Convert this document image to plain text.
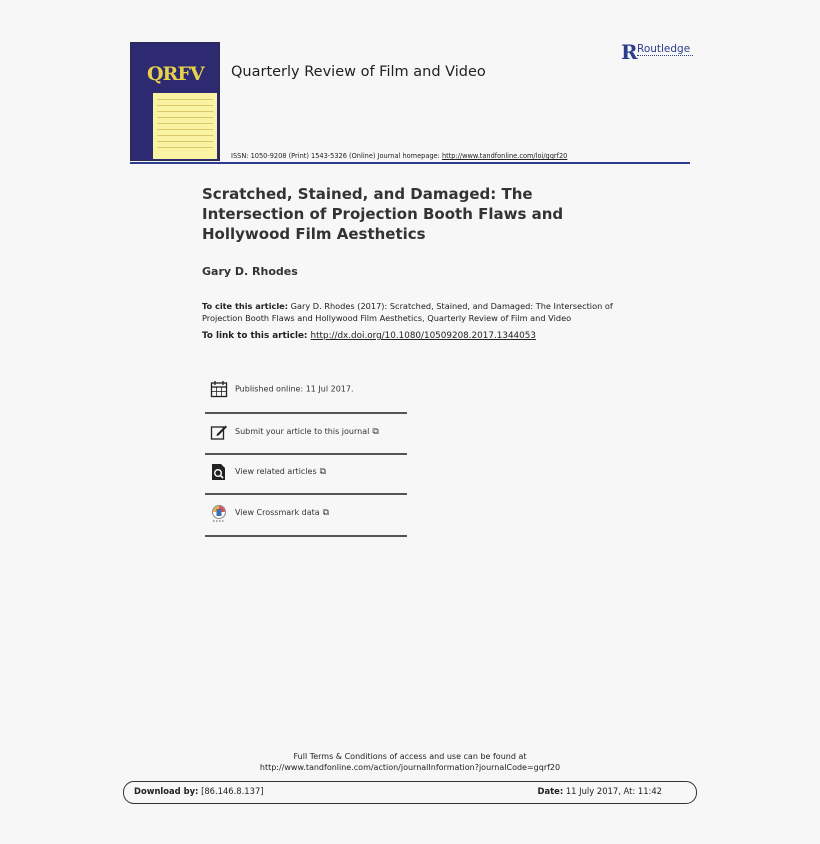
QRFV Quarterly Review of Film and Video
R Routledge
ISSN: 1050-9208 (Print) 1543-5326 (Online) Journal homepage: http://www.tandfonline.com/loi/gqrf20
Scratched, Stained, and Damaged: The Intersection of Projection Booth Flaws and Hollywood Film Aesthetics
Gary D. Rhodes
To cite this article: Gary D. Rhodes (2017): Scratched, Stained, and Damaged: The Intersection of Projection Booth Flaws and Hollywood Film Aesthetics, Quarterly Review of Film and Video
To link to this article: http://dx.doi.org/10.1080/10509208.2017.1344053
Published online: 11 Jul 2017.
Submit your article to this journal ⧉
View related articles ⧉
View Crossmark data ⧉
Full Terms & Conditions of access and use can be found at
http://www.tandfonline.com/action/journalInformation?journalCode=gqrf20
Download by: [86.146.8.137]	Date: 11 July 2017, At: 11:42
